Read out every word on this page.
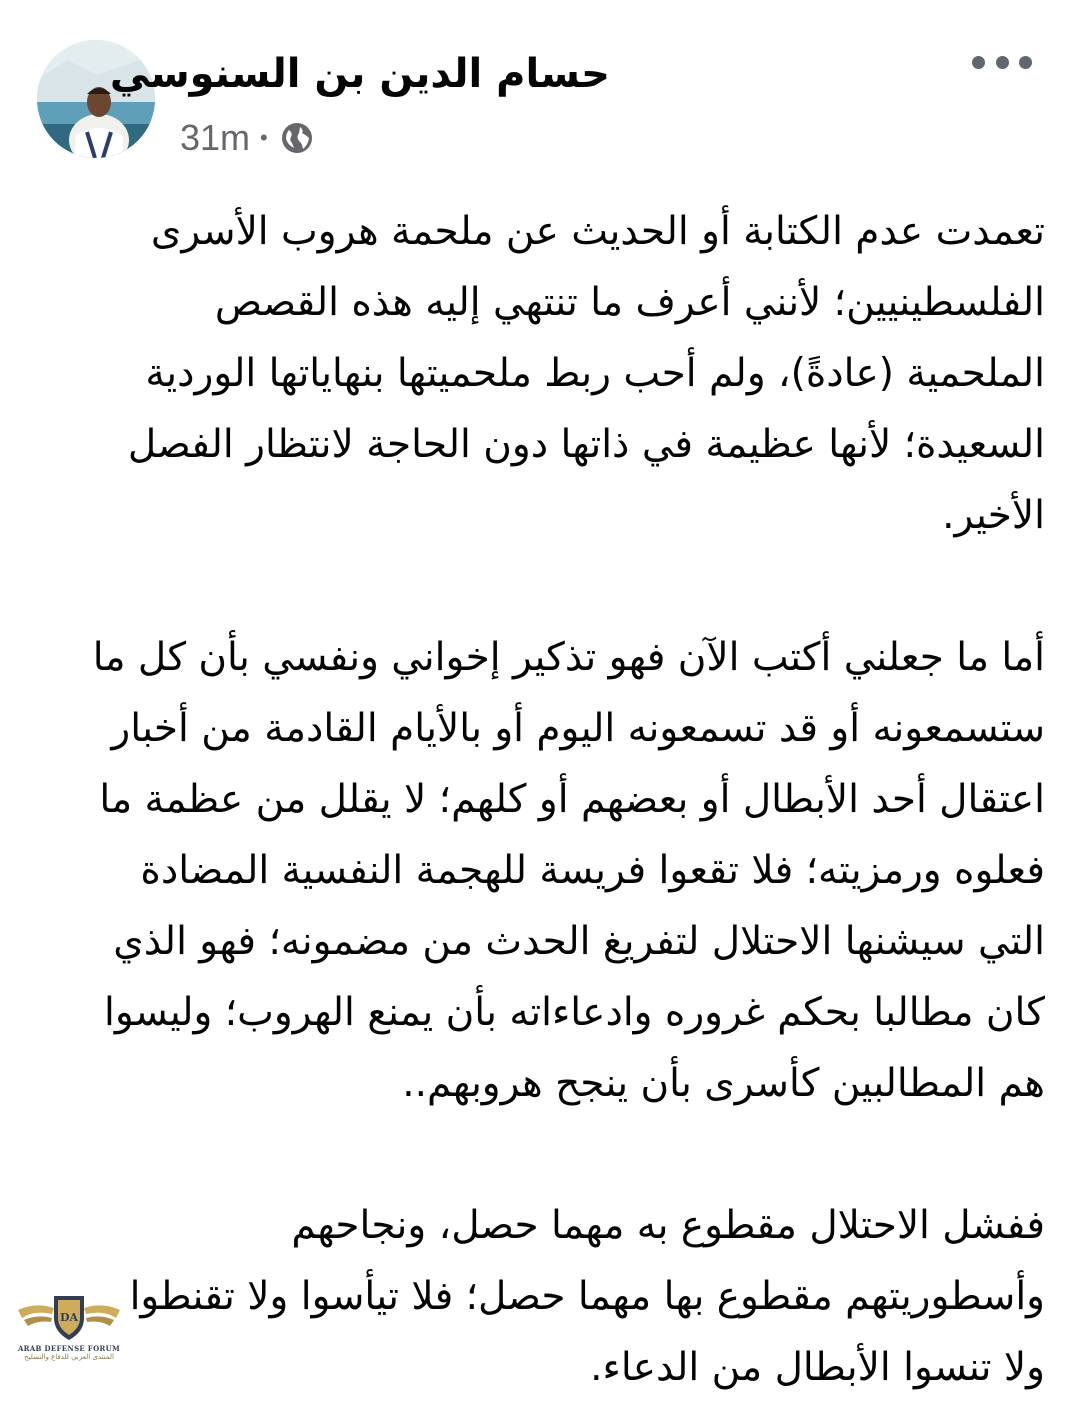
حسام الدين بن السنوسي
31m •

تعمدت عدم الكتابة أو الحديث عن ملحمة هروب الأسرى
الفلسطينيين؛ لأنني أعرف ما تنتهي إليه هذه القصص
الملحمية (عادةً)، ولم أحب ربط ملحميتها بنهاياتها الوردية
السعيدة؛ لأنها عظيمة في ذاتها دون الحاجة لانتظار الفصل
الأخير.

أما ما جعلني أكتب الآن فهو تذكير إخواني ونفسي بأن كل ما
ستسمعونه أو قد تسمعونه اليوم أو بالأيام القادمة من أخبار
اعتقال أحد الأبطال أو بعضهم أو كلهم؛ لا يقلل من عظمة ما
فعلوه ورمزيته؛ فلا تقعوا فريسة للهجمة النفسية المضادة
التي سيشنها الاحتلال لتفريغ الحدث من مضمونه؛ فهو الذي
كان مطالبا بحكم غروره وادعاءاته بأن يمنع الهروب؛ وليسوا
هم المطالبين كأسرى بأن ينجح هروبهم..

ففشل الاحتلال مقطوع به مهما حصل، ونجاحهم
وأسطوريتهم مقطوع بها مهما حصل؛ فلا تيأسوا ولا تقنطوا
ولا تنسوا الأبطال من الدعاء.

DA
ARAB DEFENSE FORUM
المنتدى العربي للدفاع والتسليح
